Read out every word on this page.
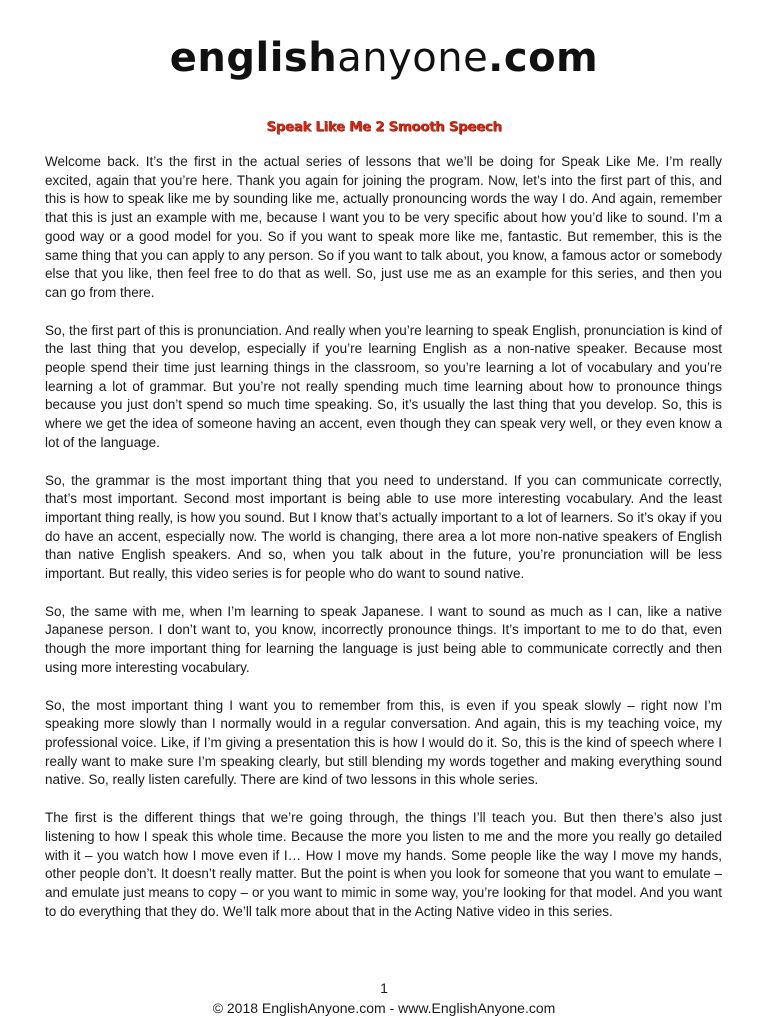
englishanyone.com
Speak Like Me 2 Smooth Speech

Welcome back. It’s the first in the actual series of lessons that we’ll be doing for Speak Like Me. I’m really excited, again that you’re here. Thank you again for joining the program. Now, let’s into the first part of this, and this is how to speak like me by sounding like me, actually pronouncing words the way I do. And again, remember that this is just an example with me, because I want you to be very specific about how you’d like to sound. I’m a good way or a good model for you. So if you want to speak more like me, fantastic. But remember, this is the same thing that you can apply to any person. So if you want to talk about, you know, a famous actor or somebody else that you like, then feel free to do that as well. So, just use me as an example for this series, and then you can go from there.

So, the first part of this is pronunciation. And really when you’re learning to speak English, pronunciation is kind of the last thing that you develop, especially if you’re learning English as a non-native speaker. Because most people spend their time just learning things in the classroom, so you’re learning a lot of vocabulary and you’re learning a lot of grammar. But you’re not really spending much time learning about how to pronounce things because you just don’t spend so much time speaking. So, it’s usually the last thing that you develop. So, this is where we get the idea of someone having an accent, even though they can speak very well, or they even know a lot of the language.

So, the grammar is the most important thing that you need to understand. If you can communicate correctly, that’s most important. Second most important is being able to use more interesting vocabulary. And the least important thing really, is how you sound. But I know that’s actually important to a lot of learners. So it’s okay if you do have an accent, especially now. The world is changing, there area a lot more non-native speakers of English than native English speakers. And so, when you talk about in the future, you’re pronunciation will be less important. But really, this video series is for people who do want to sound native.

So, the same with me, when I’m learning to speak Japanese. I want to sound as much as I can, like a native Japanese person. I don’t want to, you know, incorrectly pronounce things. It’s important to me to do that, even though the more important thing for learning the language is just being able to communicate correctly and then using more interesting vocabulary.

So, the most important thing I want you to remember from this, is even if you speak slowly – right now I’m speaking more slowly than I normally would in a regular conversation. And again, this is my teaching voice, my professional voice. Like, if I’m giving a presentation this is how I would do it. So, this is the kind of speech where I really want to make sure I’m speaking clearly, but still blending my words together and making everything sound native. So, really listen carefully. There are kind of two lessons in this whole series.

The first is the different things that we’re going through, the things I’ll teach you. But then there’s also just listening to how I speak this whole time. Because the more you listen to me and the more you really go detailed with it – you watch how I move even if I… How I move my hands. Some people like the way I move my hands, other people don’t. It doesn’t really matter. But the point is when you look for someone that you want to emulate – and emulate just means to copy – or you want to mimic in some way, you’re looking for that model. And you want to do everything that they do. We’ll talk more about that in the Acting Native video in this series.

1
© 2018 EnglishAnyone.com - www.EnglishAnyone.com
